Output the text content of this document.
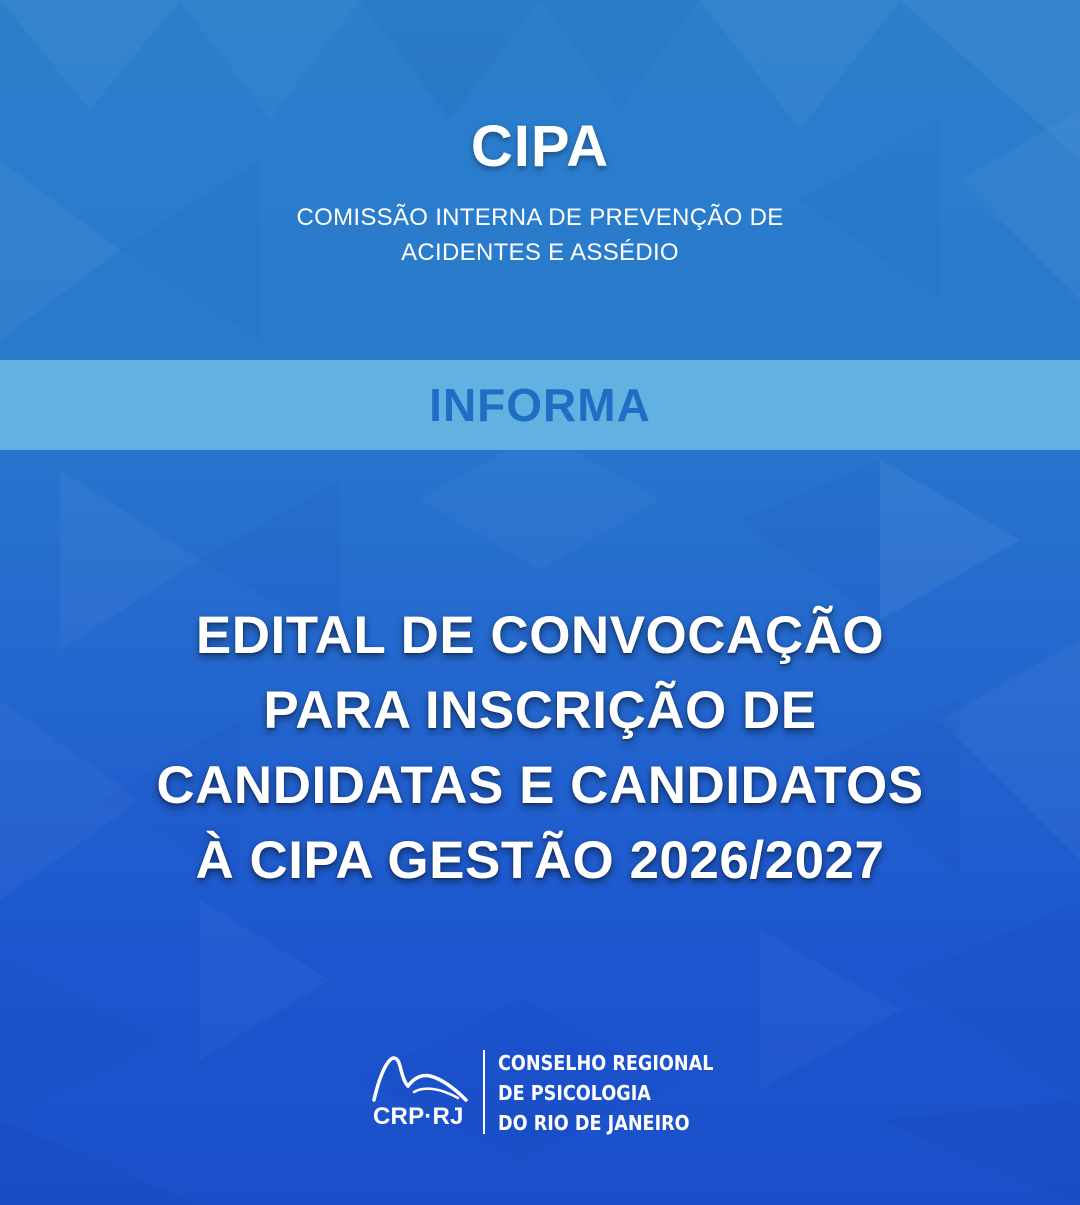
CIPA
COMISSÃO INTERNA DE PREVENÇÃO DE
ACIDENTES E ASSÉDIO
INFORMA
EDITAL DE CONVOCAÇÃO
PARA INSCRIÇÃO DE
CANDIDATAS E CANDIDATOS
À CIPA GESTÃO 2026/2027
CRP·RJ
CONSELHO REGIONAL
DE PSICOLOGIA
DO RIO DE JANEIRO
